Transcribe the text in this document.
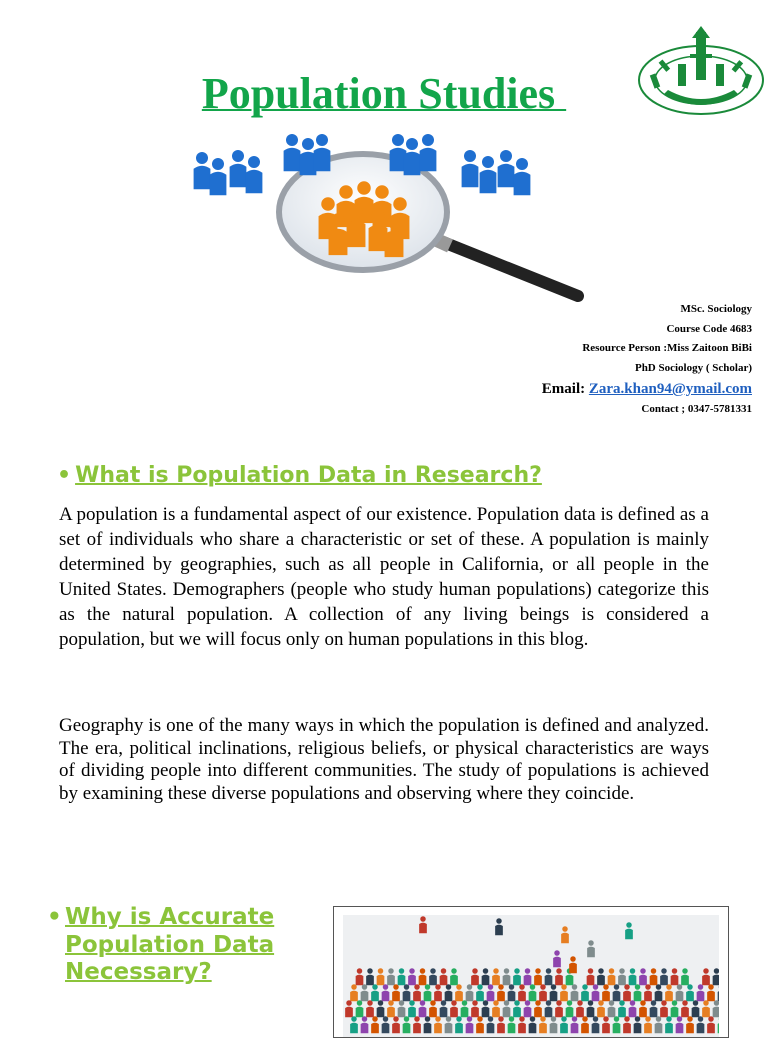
Population Studies
MSc. Sociology
Course Code 4683
Resource Person :Miss Zaitoon BiBi
PhD Sociology ( Scholar)
Email: Zara.khan94@ymail.com
Contact ; 0347-5781331
• What is Population Data in Research?

A population is a fundamental aspect of our existence. Population data is defined as a set of individuals who share a characteristic or set of these. A population is mainly determined by geographies, such as all people in California, or all people in the United States. Demographers (people who study human populations) categorize this as the natural population. A collection of any living beings is considered a population, but we will focus only on human populations in this blog.

Geography is one of the many ways in which the population is defined and analyzed. The era, political inclinations, religious beliefs, or physical characteristics are ways of dividing people into different communities. The study of populations is achieved by examining these diverse populations and observing where they coincide.

• Why is Accurate Population Data Necessary?
